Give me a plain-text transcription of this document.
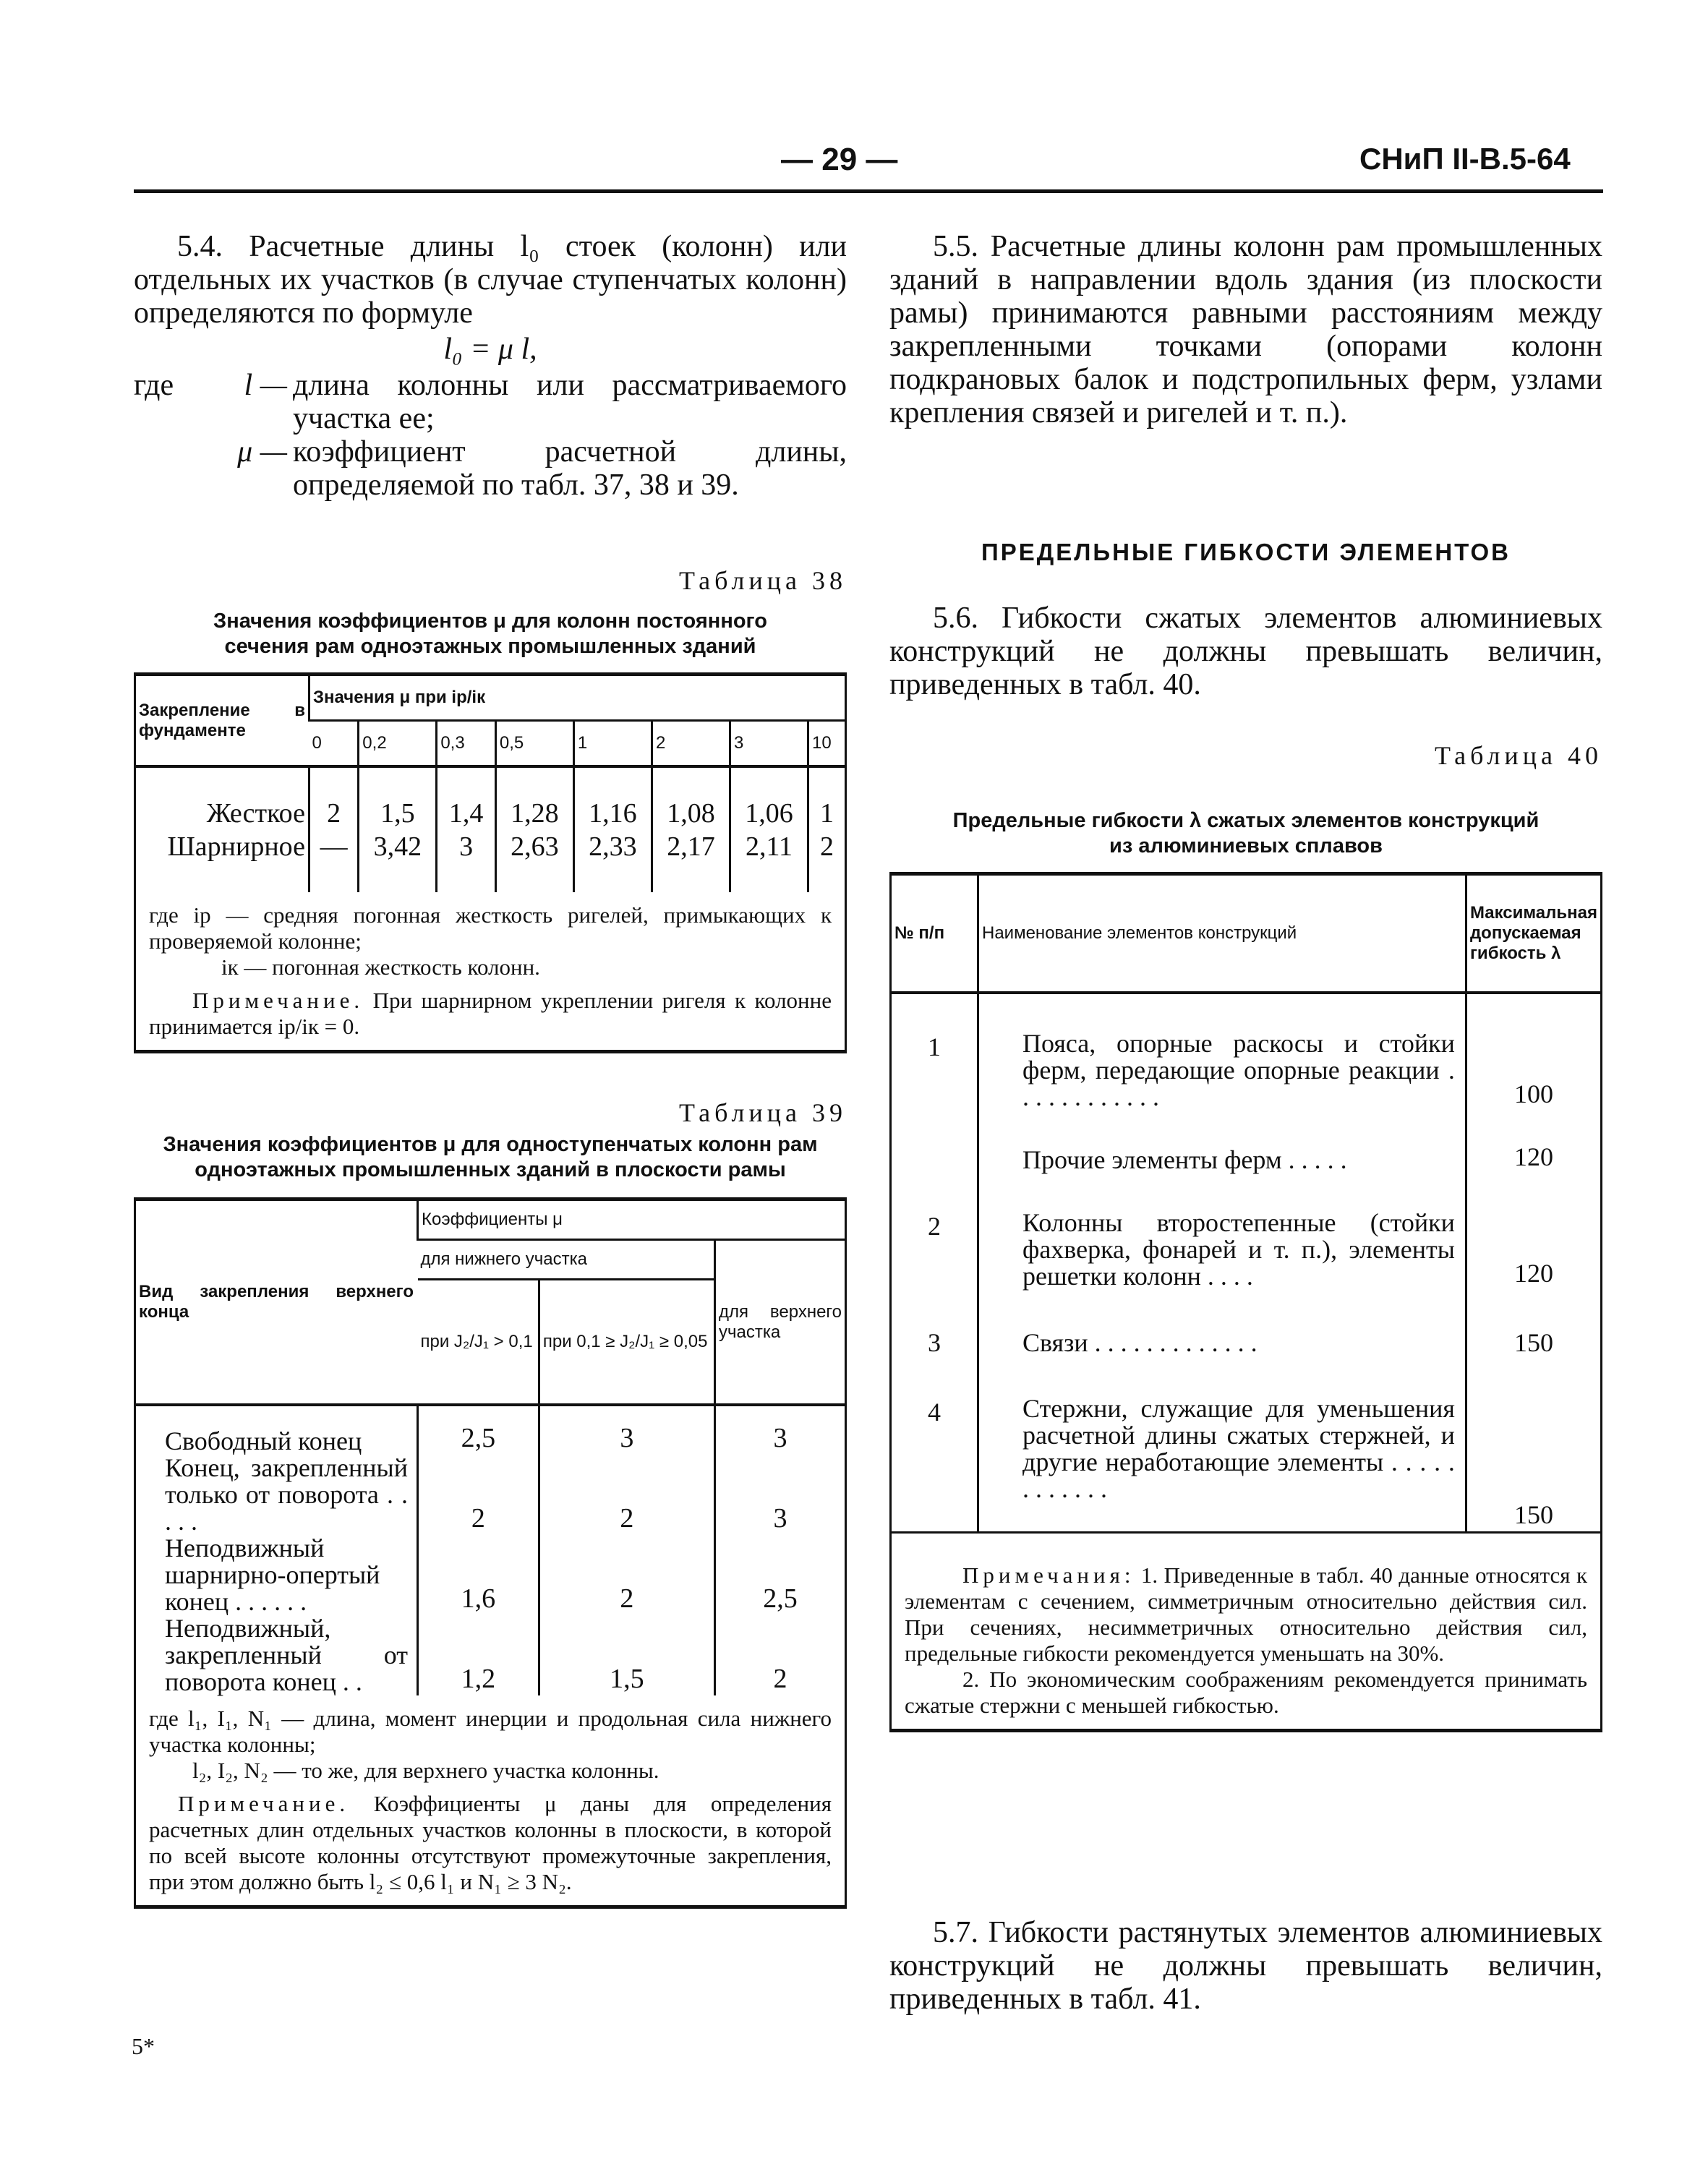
— 29 —	СНиП II-В.5-64
5.4. Расчетные длины l₀ стоек (колонн) или отдельных их участков (в случае ступенчатых колонн) определяются по формуле
l₀ = μ l,
где	l — длина колонны или рассматриваемого участка ее;
μ — коэффициент расчетной длины, определяемой по табл. 37, 38 и 39.
Таблица 38
Значения коэффициентов μ для колонн постоянного сечения рам одноэтажных промышленных зданий
Закрепление в фундаменте	Значения μ при iр/iк							
	0	0,2	0,3	0,5	1	2	3	10
Жесткое	2	1,5	1,4	1,28	1,16	1,08	1,06	1
Шарнирное	—	3,42	3	2,63	2,33	2,17	2,11	2
где iр — средняя погонная жесткость ригелей, примыкающих к проверяемой колонне;
iк — погонная жесткость колонн.
Примечание. При шарнирном укреплении ригеля к колонне принимается iр/iк = 0.
Таблица 39
Значения коэффициентов μ для одноступенчатых колонн рам одноэтажных промышленных зданий в плоскости рамы
Вид закрепления верхнего конца	Коэффициенты μ		
	для нижнего участка		для верхнего участка
	при J₂/J₁ > 0,1	при 0,1 ≥ J₂/J₁ ≥ 0,05	
Свободный конец	2,5	3	3
Конец, закрепленный только от поворота . . . . .	2	2	3
Неподвижный шарнирно-опертый конец . . . . . .	1,6	2	2,5
Неподвижный, закрепленный от поворота конец . .	1,2	1,5	2
где l₁, I₁, N₁ — длина, момент инерции и продольная сила нижнего участка колонны;
l₂, I₂, N₂ — то же, для верхнего участка колонны.
Примечание. Коэффициенты μ даны для определения расчетных длин отдельных участков колонны в плоскости, в которой по всей высоте колонны отсутствуют промежуточные закрепления, при этом должно быть l₂ ≤ 0,6 l₁ и N₁ ≥ 3 N₂.
5*
5.5. Расчетные длины колонн рам промышленных зданий в направлении вдоль здания (из плоскости рамы) принимаются равными расстояниям между закрепленными точками (опорами колонн подкрановых балок и подстропильных ферм, узлами крепления связей и ригелей и т. п.).
ПРЕДЕЛЬНЫЕ ГИБКОСТИ ЭЛЕМЕНТОВ
5.6. Гибкости сжатых элементов алюминиевых конструкций не должны превышать величин, приведенных в табл. 40.
Таблица 40
Предельные гибкости λ сжатых элементов конструкций из алюминиевых сплавов
№ п/п	Наименование элементов конструкций	Максимальная допускаемая гибкость λ
1	Пояса, опорные раскосы и стойки ферм, передающие опорные реакции . . . . . . . . . . . .	100
	Прочие элементы ферм . . . . .	120
2	Колонны второстепенные (стойки фахверка, фонарей и т. п.), элементы решетки колонн . . . .	120
3	Связи . . . . . . . . . . . . .	150
4	Стержни, служащие для уменьшения расчетной длины сжатых стержней, и другие неработающие элементы . . . . . . . . . . . .	150
Примечания: 1. Приведенные в табл. 40 данные относятся к элементам с сечением, симметричным относительно действия сил. При сечениях, несимметричных относительно действия сил, предельные гибкости рекомендуется уменьшать на 30%.
2. По экономическим соображениям рекомендуется принимать сжатые стержни с меньшей гибкостью.
5.7. Гибкости растянутых элементов алюминиевых конструкций не должны превышать величин, приведенных в табл. 41.
